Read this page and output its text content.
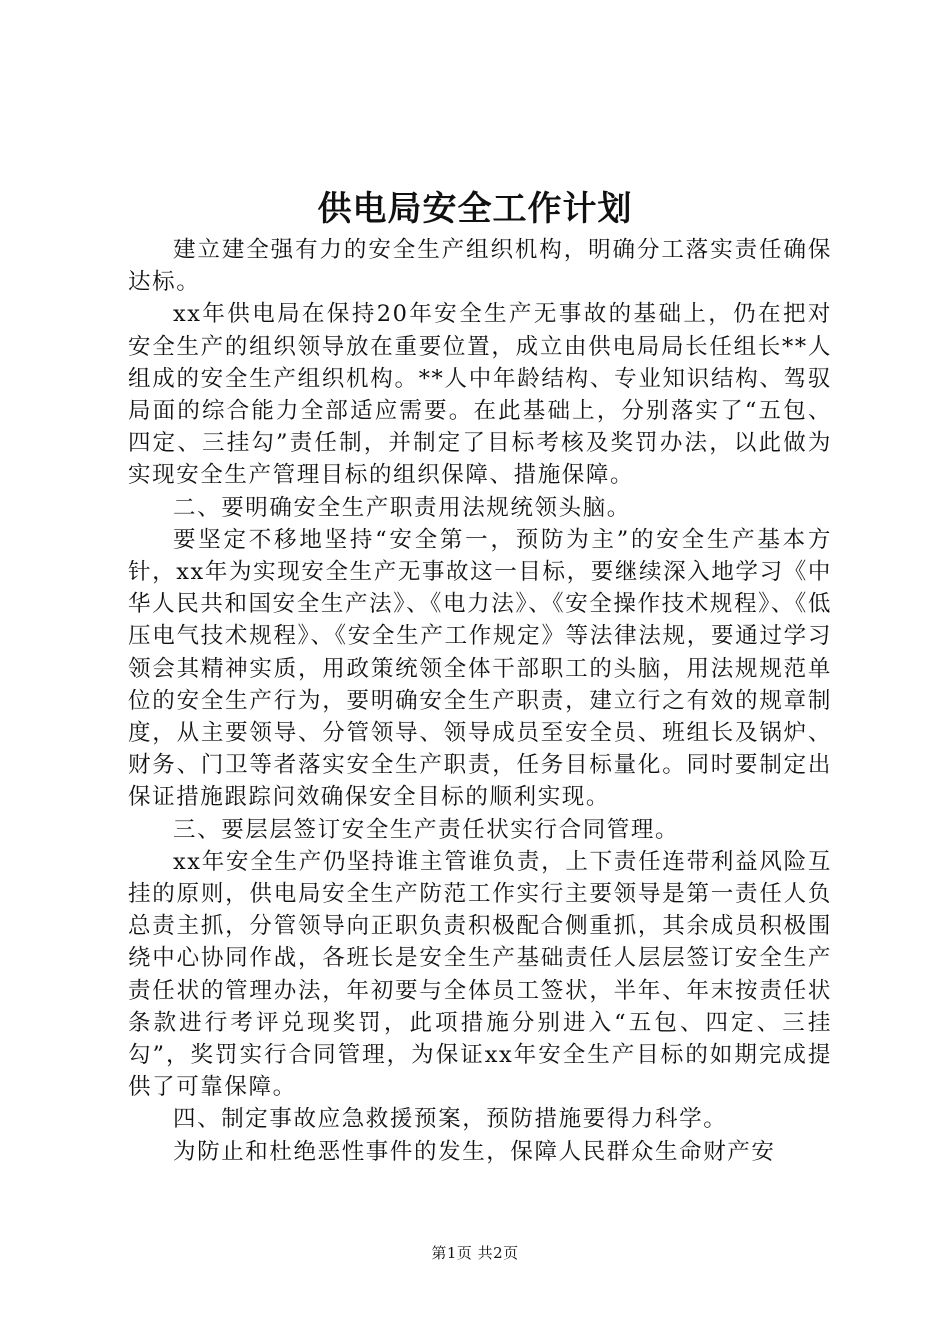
供电局安全工作计划

建立建全强有力的安全生产组织机构，明确分工落实责任确保达标。

xx年供电局在保持20年安全生产无事故的基础上，仍在把对安全生产的组织领导放在重要位置，成立由供电局局长任组长**人组成的安全生产组织机构。**人中年龄结构、专业知识结构、驾驭局面的综合能力全部适应需要。在此基础上，分别落实了“五包、四定、三挂勾”责任制，并制定了目标考核及奖罚办法，以此做为实现安全生产管理目标的组织保障、措施保障。

二、要明确安全生产职责用法规统领头脑。

要坚定不移地坚持“安全第一，预防为主”的安全生产基本方针，xx年为实现安全生产无事故这一目标，要继续深入地学习《中华人民共和国安全生产法》、《电力法》、《安全操作技术规程》、《低压电气技术规程》、《安全生产工作规定》等法律法规，要通过学习领会其精神实质，用政策统领全体干部职工的头脑，用法规规范单位的安全生产行为，要明确安全生产职责，建立行之有效的规章制度，从主要领导、分管领导、领导成员至安全员、班组长及锅炉、财务、门卫等者落实安全生产职责，任务目标量化。同时要制定出保证措施跟踪问效确保安全目标的顺利实现。

三、要层层签订安全生产责任状实行合同管理。

xx年安全生产仍坚持谁主管谁负责，上下责任连带利益风险互挂的原则，供电局安全生产防范工作实行主要领导是第一责任人负总责主抓，分管领导向正职负责积极配合侧重抓，其余成员积极围绕中心协同作战，各班长是安全生产基础责任人层层签订安全生产责任状的管理办法，年初要与全体员工签状，半年、年末按责任状条款进行考评兑现奖罚，此项措施分别进入“五包、四定、三挂勾”，奖罚实行合同管理，为保证xx年安全生产目标的如期完成提供了可靠保障。

四、制定事故应急救援预案，预防措施要得力科学。

为防止和杜绝恶性事件的发生，保障人民群众生命财产安

第1页 共2页
